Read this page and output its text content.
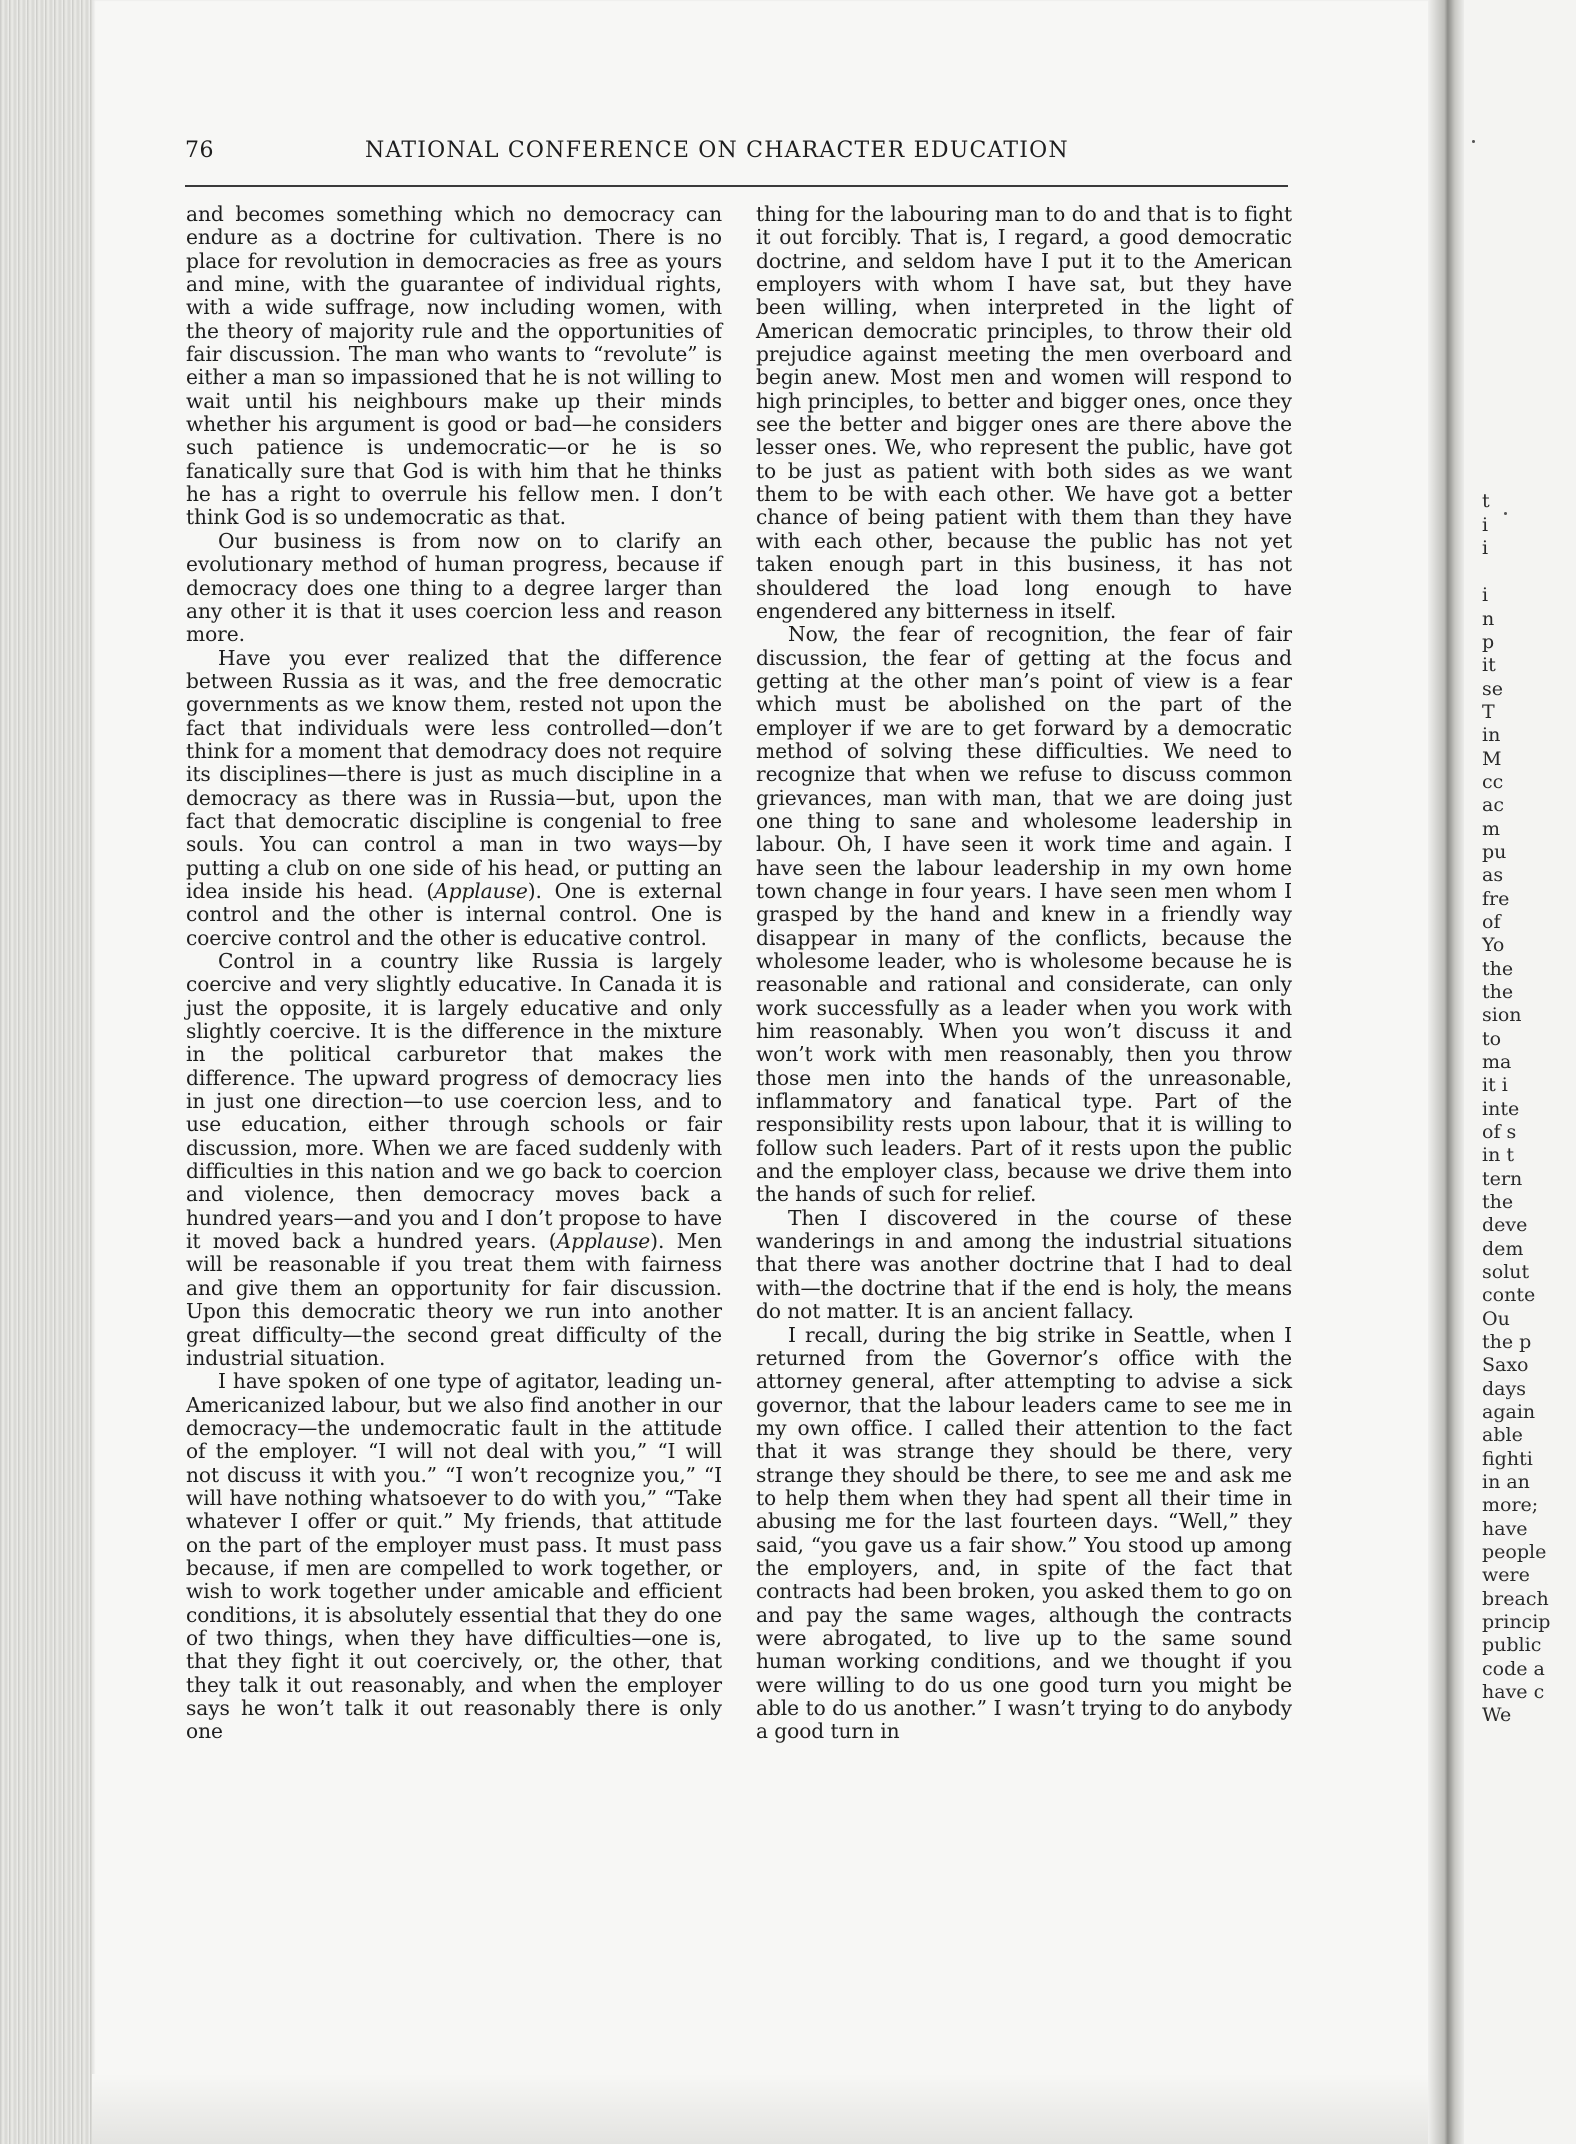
76	NATIONAL CONFERENCE ON CHARACTER EDUCATION

and becomes something which no democracy can endure as a doctrine for cultivation. There is no place for revolution in democracies as free as yours and mine, with the guarantee of individual rights, with a wide suffrage, now including women, with the theory of majority rule and the opportunities of fair discussion. The man who wants to “revolute” is either a man so impassioned that he is not willing to wait until his neighbours make up their minds whether his argument is good or bad—he considers such patience is undemocratic—or he is so fanatically sure that God is with him that he thinks he has a right to overrule his fellow men. I don’t think God is so undemocratic as that.

Our business is from now on to clarify an evolutionary method of human progress, because if democracy does one thing to a degree larger than any other it is that it uses coercion less and reason more.

Have you ever realized that the difference between Russia as it was, and the free democratic governments as we know them, rested not upon the fact that individuals were less controlled—don’t think for a moment that demodracy does not require its disciplines—there is just as much discipline in a democracy as there was in Russia—but, upon the fact that democratic discipline is congenial to free souls. You can control a man in two ways—by putting a club on one side of his head, or putting an idea inside his head. (Applause). One is external control and the other is internal control. One is coercive control and the other is educative control.

Control in a country like Russia is largely coercive and very slightly educative. In Canada it is just the opposite, it is largely educative and only slightly coercive. It is the difference in the mixture in the political carburetor that makes the difference. The upward progress of democracy lies in just one direction—to use coercion less, and to use education, either through schools or fair discussion, more. When we are faced suddenly with difficulties in this nation and we go back to coercion and violence, then democracy moves back a hundred years—and you and I don’t propose to have it moved back a hundred years. (Applause). Men will be reasonable if you treat them with fairness and give them an opportunity for fair discussion. Upon this democratic theory we run into another great difficulty—the second great difficulty of the industrial situation.

I have spoken of one type of agitator, leading un-Americanized labour, but we also find another in our democracy—the undemocratic fault in the attitude of the employer. “I will not deal with you,” “I will not discuss it with you.” “I won’t recognize you,” “I will have nothing whatsoever to do with you,” “Take whatever I offer or quit.” My friends, that attitude on the part of the employer must pass. It must pass because, if men are compelled to work together, or wish to work together under amicable and efficient conditions, it is absolutely essential that they do one of two things, when they have difficulties—one is, that they fight it out coercively, or, the other, that they talk it out reasonably, and when the employer says he won’t talk it out reasonably there is only one

thing for the labouring man to do and that is to fight it out forcibly. That is, I regard, a good democratic doctrine, and seldom have I put it to the American employers with whom I have sat, but they have been willing, when interpreted in the light of American democratic principles, to throw their old prejudice against meeting the men overboard and begin anew. Most men and women will respond to high principles, to better and bigger ones, once they see the better and bigger ones are there above the lesser ones. We, who represent the public, have got to be just as patient with both sides as we want them to be with each other. We have got a better chance of being patient with them than they have with each other, because the public has not yet taken enough part in this business, it has not shouldered the load long enough to have engendered any bitterness in itself.

Now, the fear of recognition, the fear of fair discussion, the fear of getting at the focus and getting at the other man’s point of view is a fear which must be abolished on the part of the employer if we are to get forward by a democratic method of solving these difficulties. We need to recognize that when we refuse to discuss common grievances, man with man, that we are doing just one thing to sane and wholesome leadership in labour. Oh, I have seen it work time and again. I have seen the labour leadership in my own home town change in four years. I have seen men whom I grasped by the hand and knew in a friendly way disappear in many of the conflicts, because the wholesome leader, who is wholesome because he is reasonable and rational and considerate, can only work successfully as a leader when you work with him reasonably. When you won’t discuss it and won’t work with men reasonably, then you throw those men into the hands of the unreasonable, inflammatory and fanatical type. Part of the responsibility rests upon labour, that it is willing to follow such leaders. Part of it rests upon the public and the employer class, because we drive them into the hands of such for relief.

Then I discovered in the course of these wanderings in and among the industrial situations that there was another doctrine that I had to deal with—the doctrine that if the end is holy, the means do not matter. It is an ancient fallacy.

I recall, during the big strike in Seattle, when I returned from the Governor’s office with the attorney general, after attempting to advise a sick governor, that the labour leaders came to see me in my own office. I called their attention to the fact that it was strange they should be there, very strange they should be there, to see me and ask me to help them when they had spent all their time in abusing me for the last fourteen days. “Well,” they said, “you gave us a fair show.” You stood up among the employers, and, in spite of the fact that contracts had been broken, you asked them to go on and pay the same wages, although the contracts were abrogated, to live up to the same sound human working conditions, and we thought if you were willing to do us one good turn you might be able to do us another.” I wasn’t trying to do anybody a good turn in

t
i
i
i
n
p
it
se
T
in
M
cc
ac
m
pu
as
fre
of
Yo
the
the
sion
to
ma
it i
inte
of s
in t
tern
the
deve
dem
solut
conte
Ou
the p
Saxo
days
again
able
fighti
in an
more;
have
people
were
breach
princip
public
code a
have c
We
